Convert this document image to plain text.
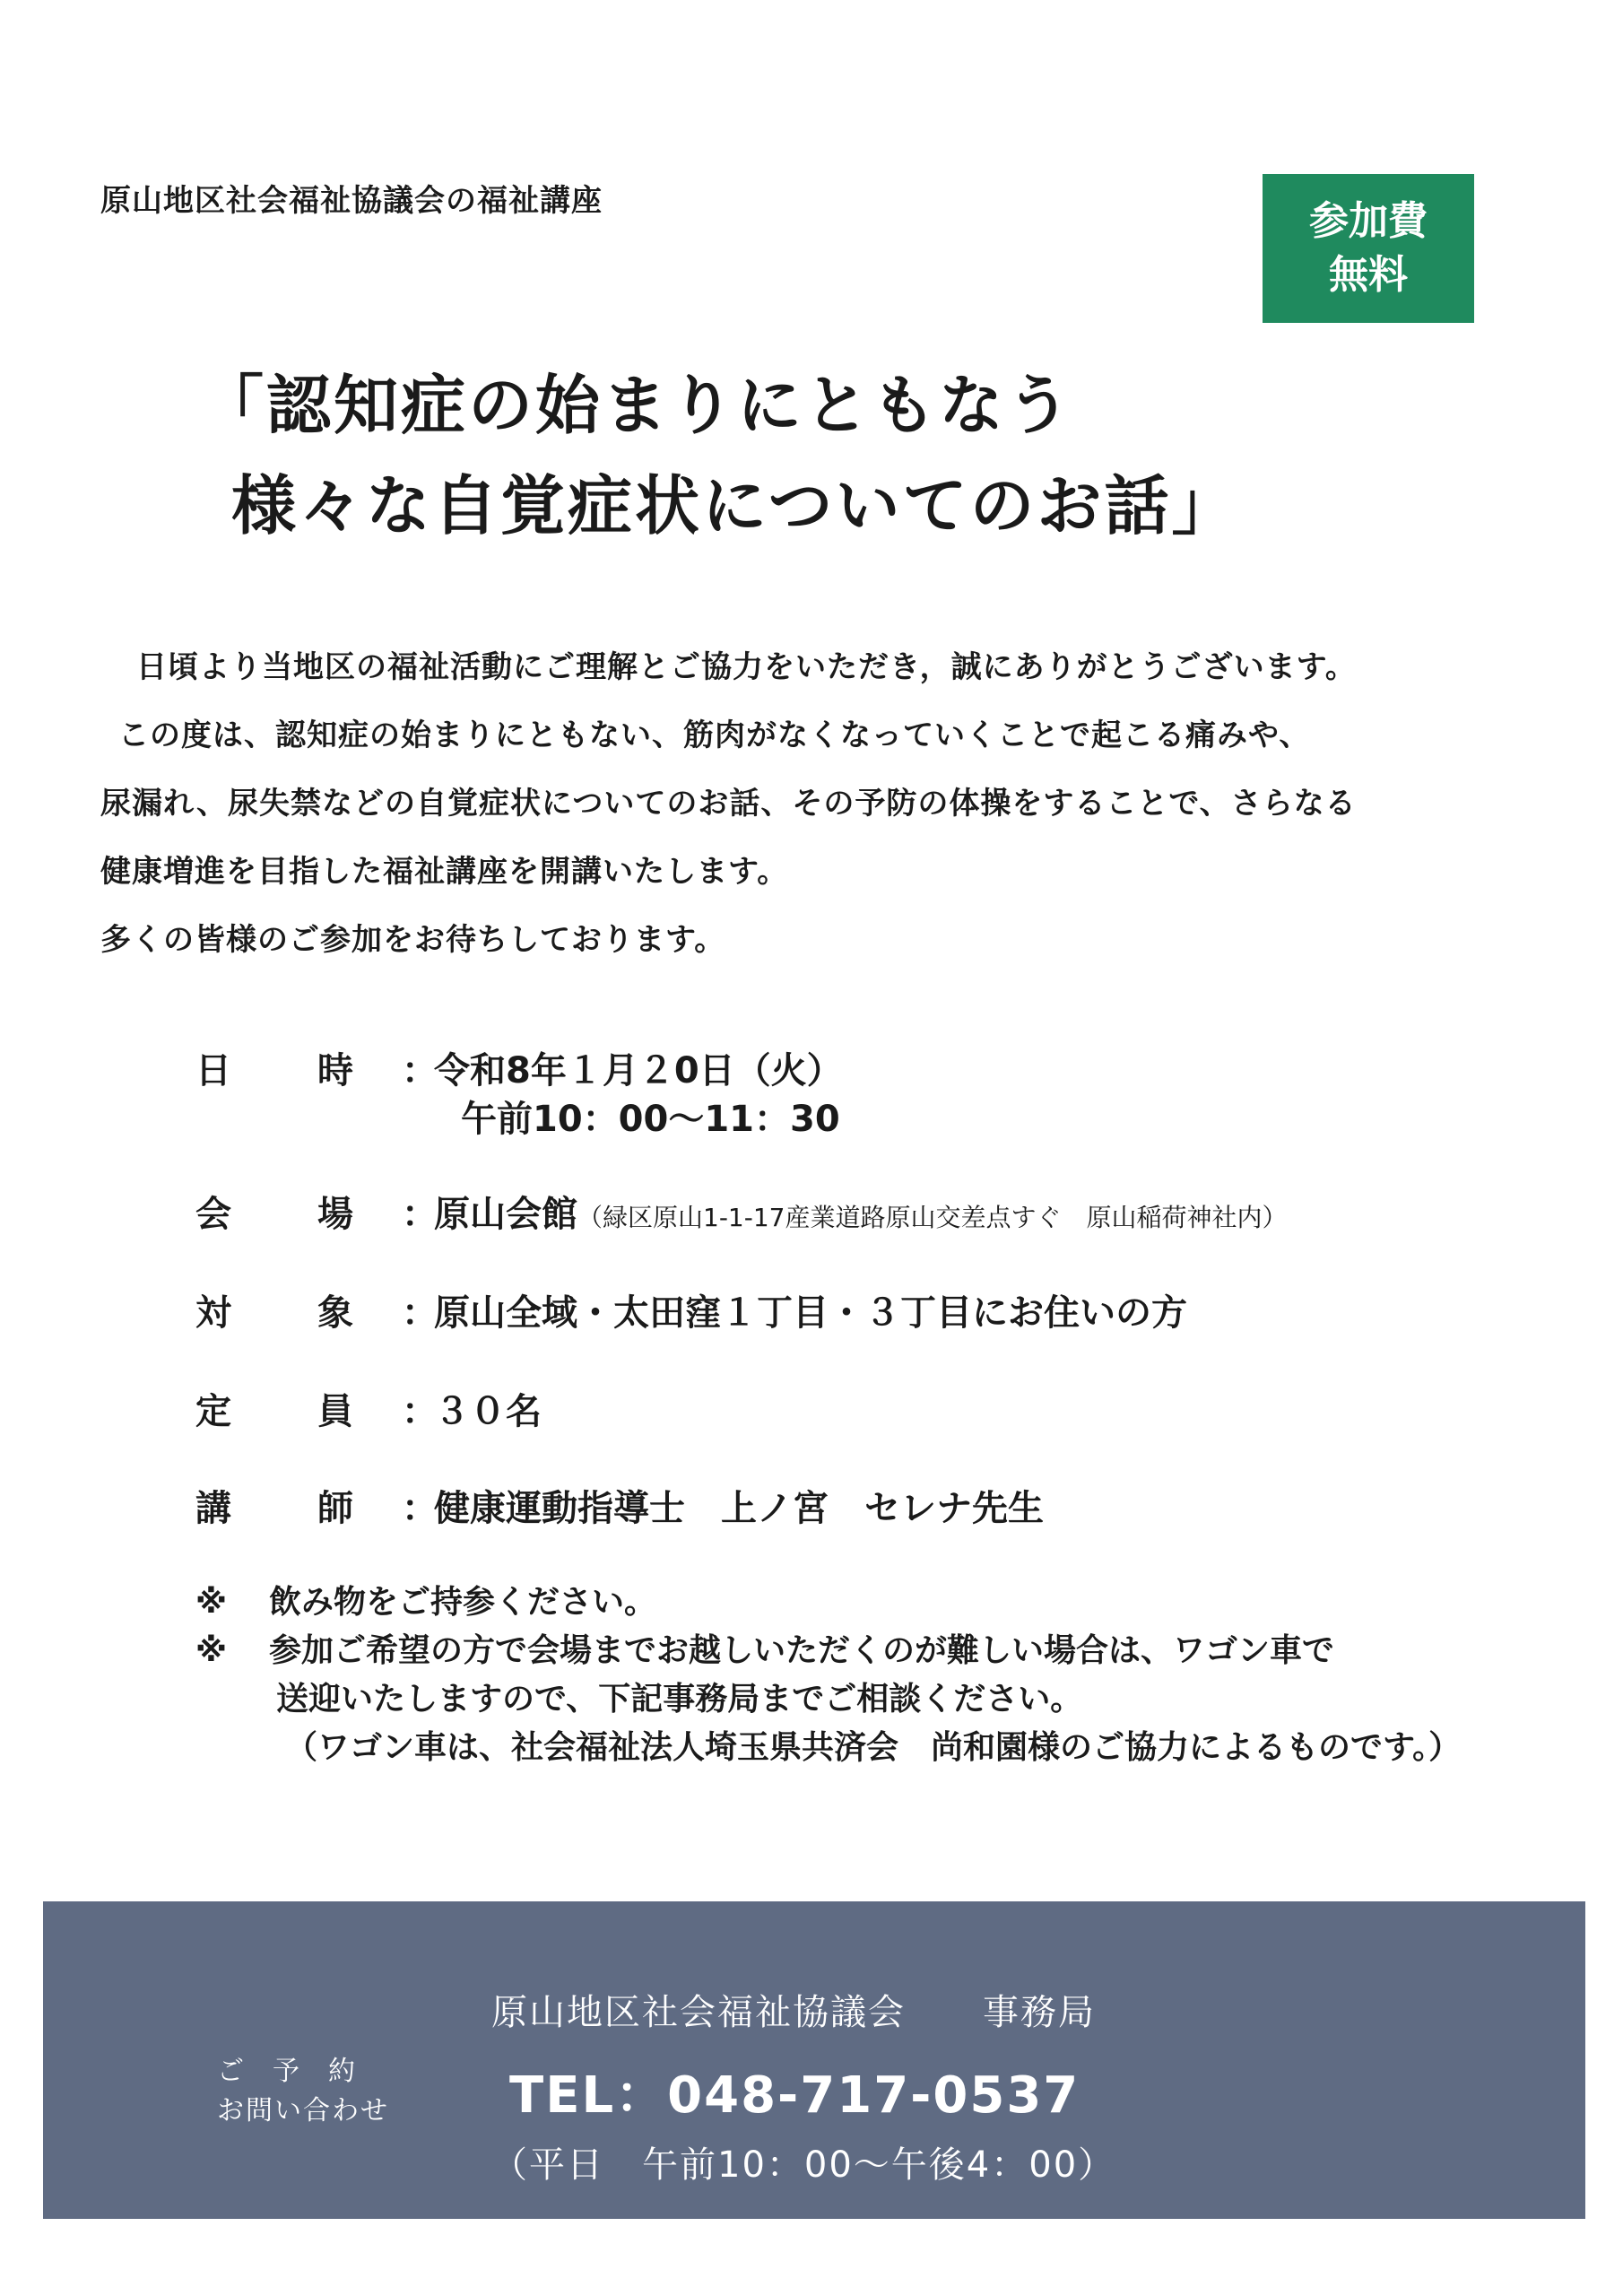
原山地区社会福祉協議会の福祉講座	参加費
無料
「認知症の始まりにともなう
様々な自覚症状についてのお話」
日頃より当地区の福祉活動にご理解とご協力をいただき，誠にありがとうございます。
この度は、認知症の始まりにともない、筋肉がなくなっていくことで起こる痛みや、
尿漏れ、尿失禁などの自覚症状についてのお話、その予防の体操をすることで、さらなる
健康増進を目指した福祉講座を開講いたします。
多くの皆様のご参加をお待ちしております。
日 時 ：
令和8年１月２0日（火）
午前10：00～11：30
会 場 ：
原山会館（緑区原山1-1-17産業道路原山交差点すぐ　原山稲荷神社内）
対 象 ：
原山全域・太田窪１丁目・３丁目にお住いの方
定 員 ：
３０名
講 師 ：
健康運動指導士　上ノ宮　セレナ先生
※ 飲み物をご持参ください。
※ 参加ご希望の方で会場までお越しいただくのが難しい場合は、ワゴン車で
送迎いたしますので、下記事務局までご相談ください。
（ワゴン車は、社会福祉法人埼玉県共済会　尚和園様のご協力によるものです。）
原山地区社会福祉協議会 事務局
ご予約
お問い合わせ TEL：048-717-0537
（平日　午前10：00～午後4：00）
